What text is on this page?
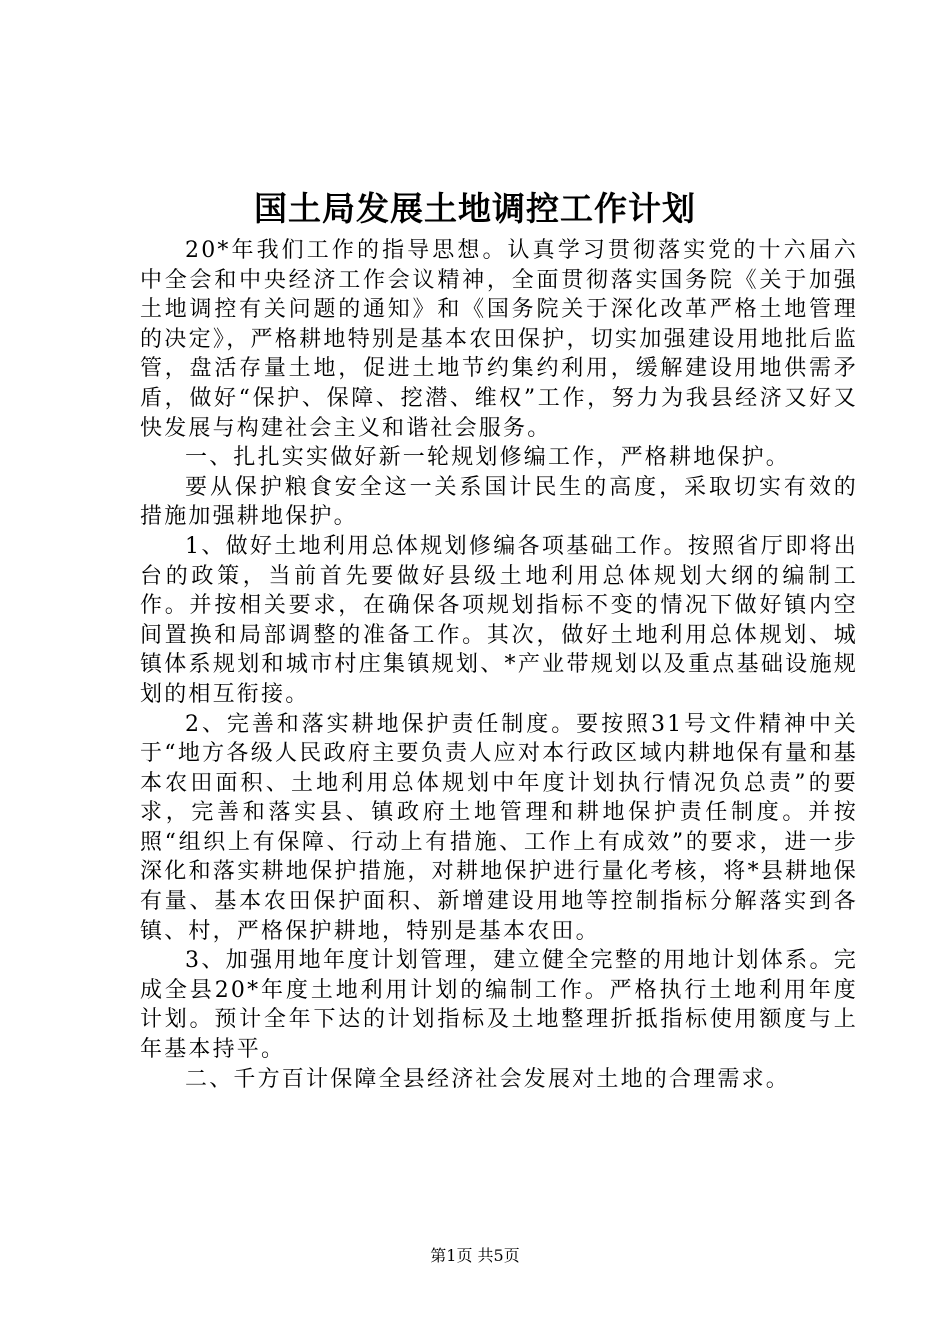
国土局发展土地调控工作计划

20*年我们工作的指导思想。认真学习贯彻落实党的十六届六中全会和中央经济工作会议精神，全面贯彻落实国务院《关于加强土地调控有关问题的通知》和《国务院关于深化改革严格土地管理的决定》，严格耕地特别是基本农田保护，切实加强建设用地批后监管，盘活存量土地，促进土地节约集约利用，缓解建设用地供需矛盾，做好“保护、保障、挖潜、维权”工作，努力为我县经济又好又快发展与构建社会主义和谐社会服务。

一、扎扎实实做好新一轮规划修编工作，严格耕地保护。

要从保护粮食安全这一关系国计民生的高度，采取切实有效的措施加强耕地保护。

1、做好土地利用总体规划修编各项基础工作。按照省厅即将出台的政策，当前首先要做好县级土地利用总体规划大纲的编制工作。并按相关要求，在确保各项规划指标不变的情况下做好镇内空间置换和局部调整的准备工作。其次，做好土地利用总体规划、城镇体系规划和城市村庄集镇规划、*产业带规划以及重点基础设施规划的相互衔接。

2、完善和落实耕地保护责任制度。要按照31号文件精神中关于“地方各级人民政府主要负责人应对本行政区域内耕地保有量和基本农田面积、土地利用总体规划中年度计划执行情况负总责”的要求，完善和落实县、镇政府土地管理和耕地保护责任制度。并按照“组织上有保障、行动上有措施、工作上有成效”的要求，进一步深化和落实耕地保护措施，对耕地保护进行量化考核，将*县耕地保有量、基本农田保护面积、新增建设用地等控制指标分解落实到各镇、村，严格保护耕地，特别是基本农田。

3、加强用地年度计划管理，建立健全完整的用地计划体系。完成全县20*年度土地利用计划的编制工作。严格执行土地利用年度计划。预计全年下达的计划指标及土地整理折抵指标使用额度与上年基本持平。

二、千方百计保障全县经济社会发展对土地的合理需求。

第1页 共5页
